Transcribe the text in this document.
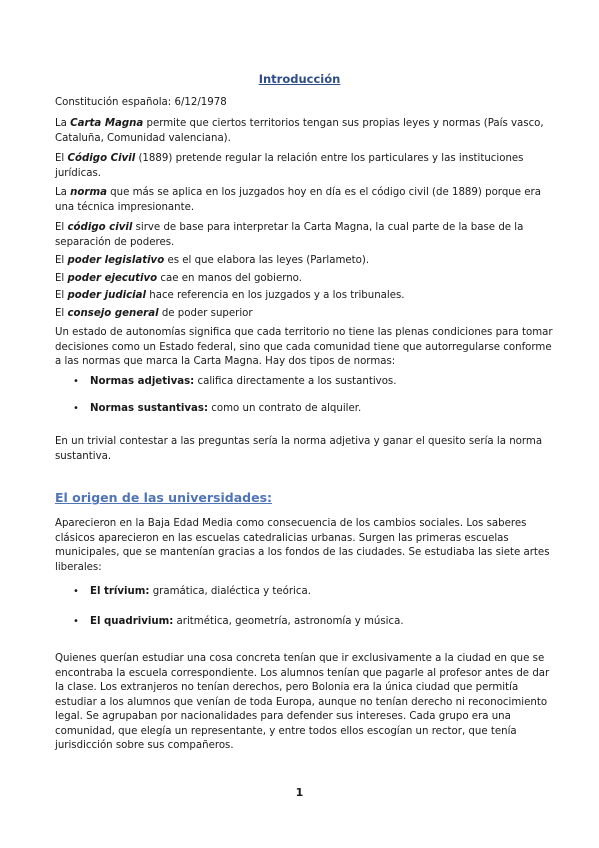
Introducción

Constitución española: 6/12/1978

La Carta Magna permite que ciertos territorios tengan sus propias leyes y normas (País vasco, Cataluña, Comunidad valenciana).

El Código Civil (1889) pretende regular la relación entre los particulares y las instituciones jurídicas.

La norma que más se aplica en los juzgados hoy en día es el código civil (de 1889) porque era una técnica impresionante.

El código civil sirve de base para interpretar la Carta Magna, la cual parte de la base de la separación de poderes.

El poder legislativo es el que elabora las leyes (Parlameto).

El poder ejecutivo cae en manos del gobierno.

El poder judicial hace referencia en los juzgados y a los tribunales.

El consejo general de poder superior

Un estado de autonomías significa que cada territorio no tiene las plenas condiciones para tomar decisiones como un Estado federal, sino que cada comunidad tiene que autorregularse conforme a las normas que marca la Carta Magna. Hay dos tipos de normas:

• Normas adjetivas: califica directamente a los sustantivos.
• Normas sustantivas: como un contrato de alquiler.

En un trivial contestar a las preguntas sería la norma adjetiva y ganar el quesito sería la norma sustantiva.

El origen de las universidades:

Aparecieron en la Baja Edad Media como consecuencia de los cambios sociales. Los saberes clásicos aparecieron en las escuelas catedralicias urbanas. Surgen las primeras escuelas municipales, que se mantenían gracias a los fondos de las ciudades. Se estudiaba las siete artes liberales:

• El trívium: gramática, dialéctica y teórica.
• El quadrivium: aritmética, geometría, astronomía y música.

Quienes querían estudiar una cosa concreta tenían que ir exclusivamente a la ciudad en que se encontraba la escuela correspondiente. Los alumnos tenían que pagarle al profesor antes de dar la clase. Los extranjeros no tenían derechos, pero Bolonia era la única ciudad que permitía estudiar a los alumnos que venían de toda Europa, aunque no tenían derecho ni reconocimiento legal. Se agrupaban por nacionalidades para defender sus intereses. Cada grupo era una comunidad, que elegía un representante, y entre todos ellos escogían un rector, que tenía jurisdicción sobre sus compañeros.

1
